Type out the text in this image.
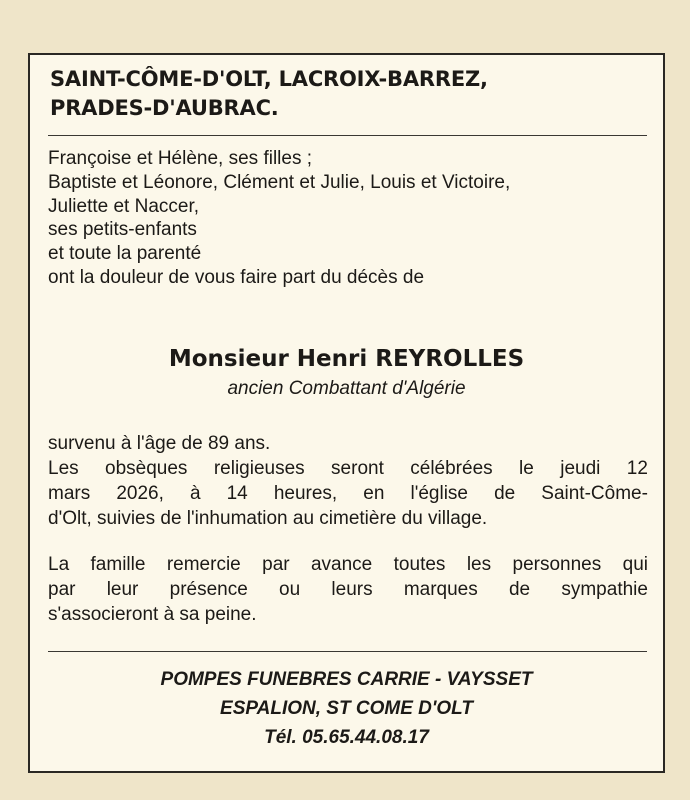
SAINT-CÔME-D'OLT, LACROIX-BARREZ,
PRADES-D'AUBRAC.
Françoise et Hélène, ses filles ;
Baptiste et Léonore, Clément et Julie, Louis et Victoire,
Juliette et Naccer,
ses petits-enfants
et toute la parenté
ont la douleur de vous faire part du décès de
Monsieur Henri REYROLLES
ancien Combattant d'Algérie
survenu à l'âge de 89 ans.
Les obsèques religieuses seront célébrées le jeudi 12
mars 2026, à 14 heures, en l'église de Saint-Côme-
d'Olt, suivies de l'inhumation au cimetière du village.
La famille remercie par avance toutes les personnes qui
par leur présence ou leurs marques de sympathie
s'associeront à sa peine.
POMPES FUNEBRES CARRIE - VAYSSET
ESPALION, ST COME D'OLT
Tél. 05.65.44.08.17
